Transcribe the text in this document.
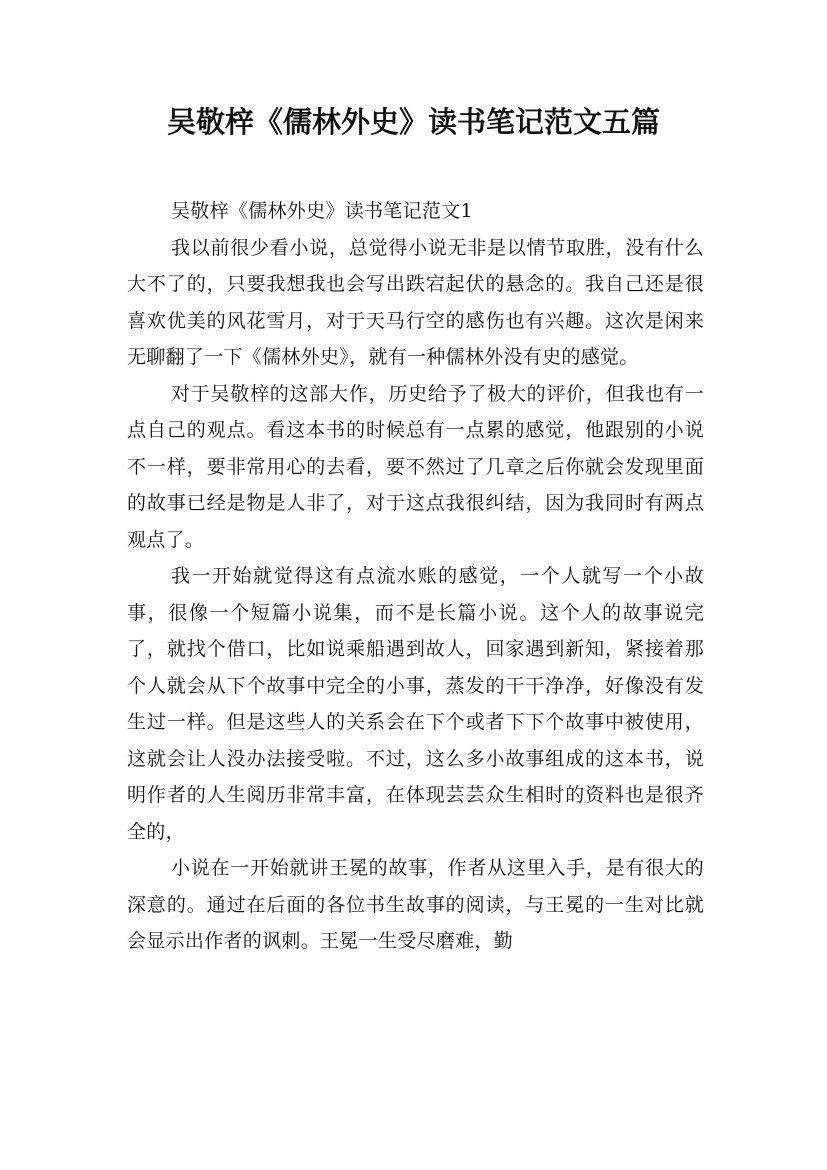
吴敬梓《儒林外史》读书笔记范文五篇

吴敬梓《儒林外史》读书笔记范文1

我以前很少看小说，总觉得小说无非是以情节取胜，没有什么大不了的，只要我想我也会写出跌宕起伏的悬念的。我自己还是很喜欢优美的风花雪月，对于天马行空的感伤也有兴趣。这次是闲来无聊翻了一下《儒林外史》，就有一种儒林外没有史的感觉。

对于吴敬梓的这部大作，历史给予了极大的评价，但我也有一点自己的观点。看这本书的时候总有一点累的感觉，他跟别的小说不一样，要非常用心的去看，要不然过了几章之后你就会发现里面的故事已经是物是人非了，对于这点我很纠结，因为我同时有两点观点了。

我一开始就觉得这有点流水账的感觉，一个人就写一个小故事，很像一个短篇小说集，而不是长篇小说。这个人的故事说完了，就找个借口，比如说乘船遇到故人，回家遇到新知，紧接着那个人就会从下个故事中完全的小事，蒸发的干干净净，好像没有发生过一样。但是这些人的关系会在下个或者下下个故事中被使用，这就会让人没办法接受啦。不过，这么多小故事组成的这本书，说明作者的人生阅历非常丰富，在体现芸芸众生相时的资料也是很齐全的，

小说在一开始就讲王冕的故事，作者从这里入手，是有很大的深意的。通过在后面的各位书生故事的阅读，与王冕的一生对比就会显示出作者的讽刺。王冕一生受尽磨难，勤
